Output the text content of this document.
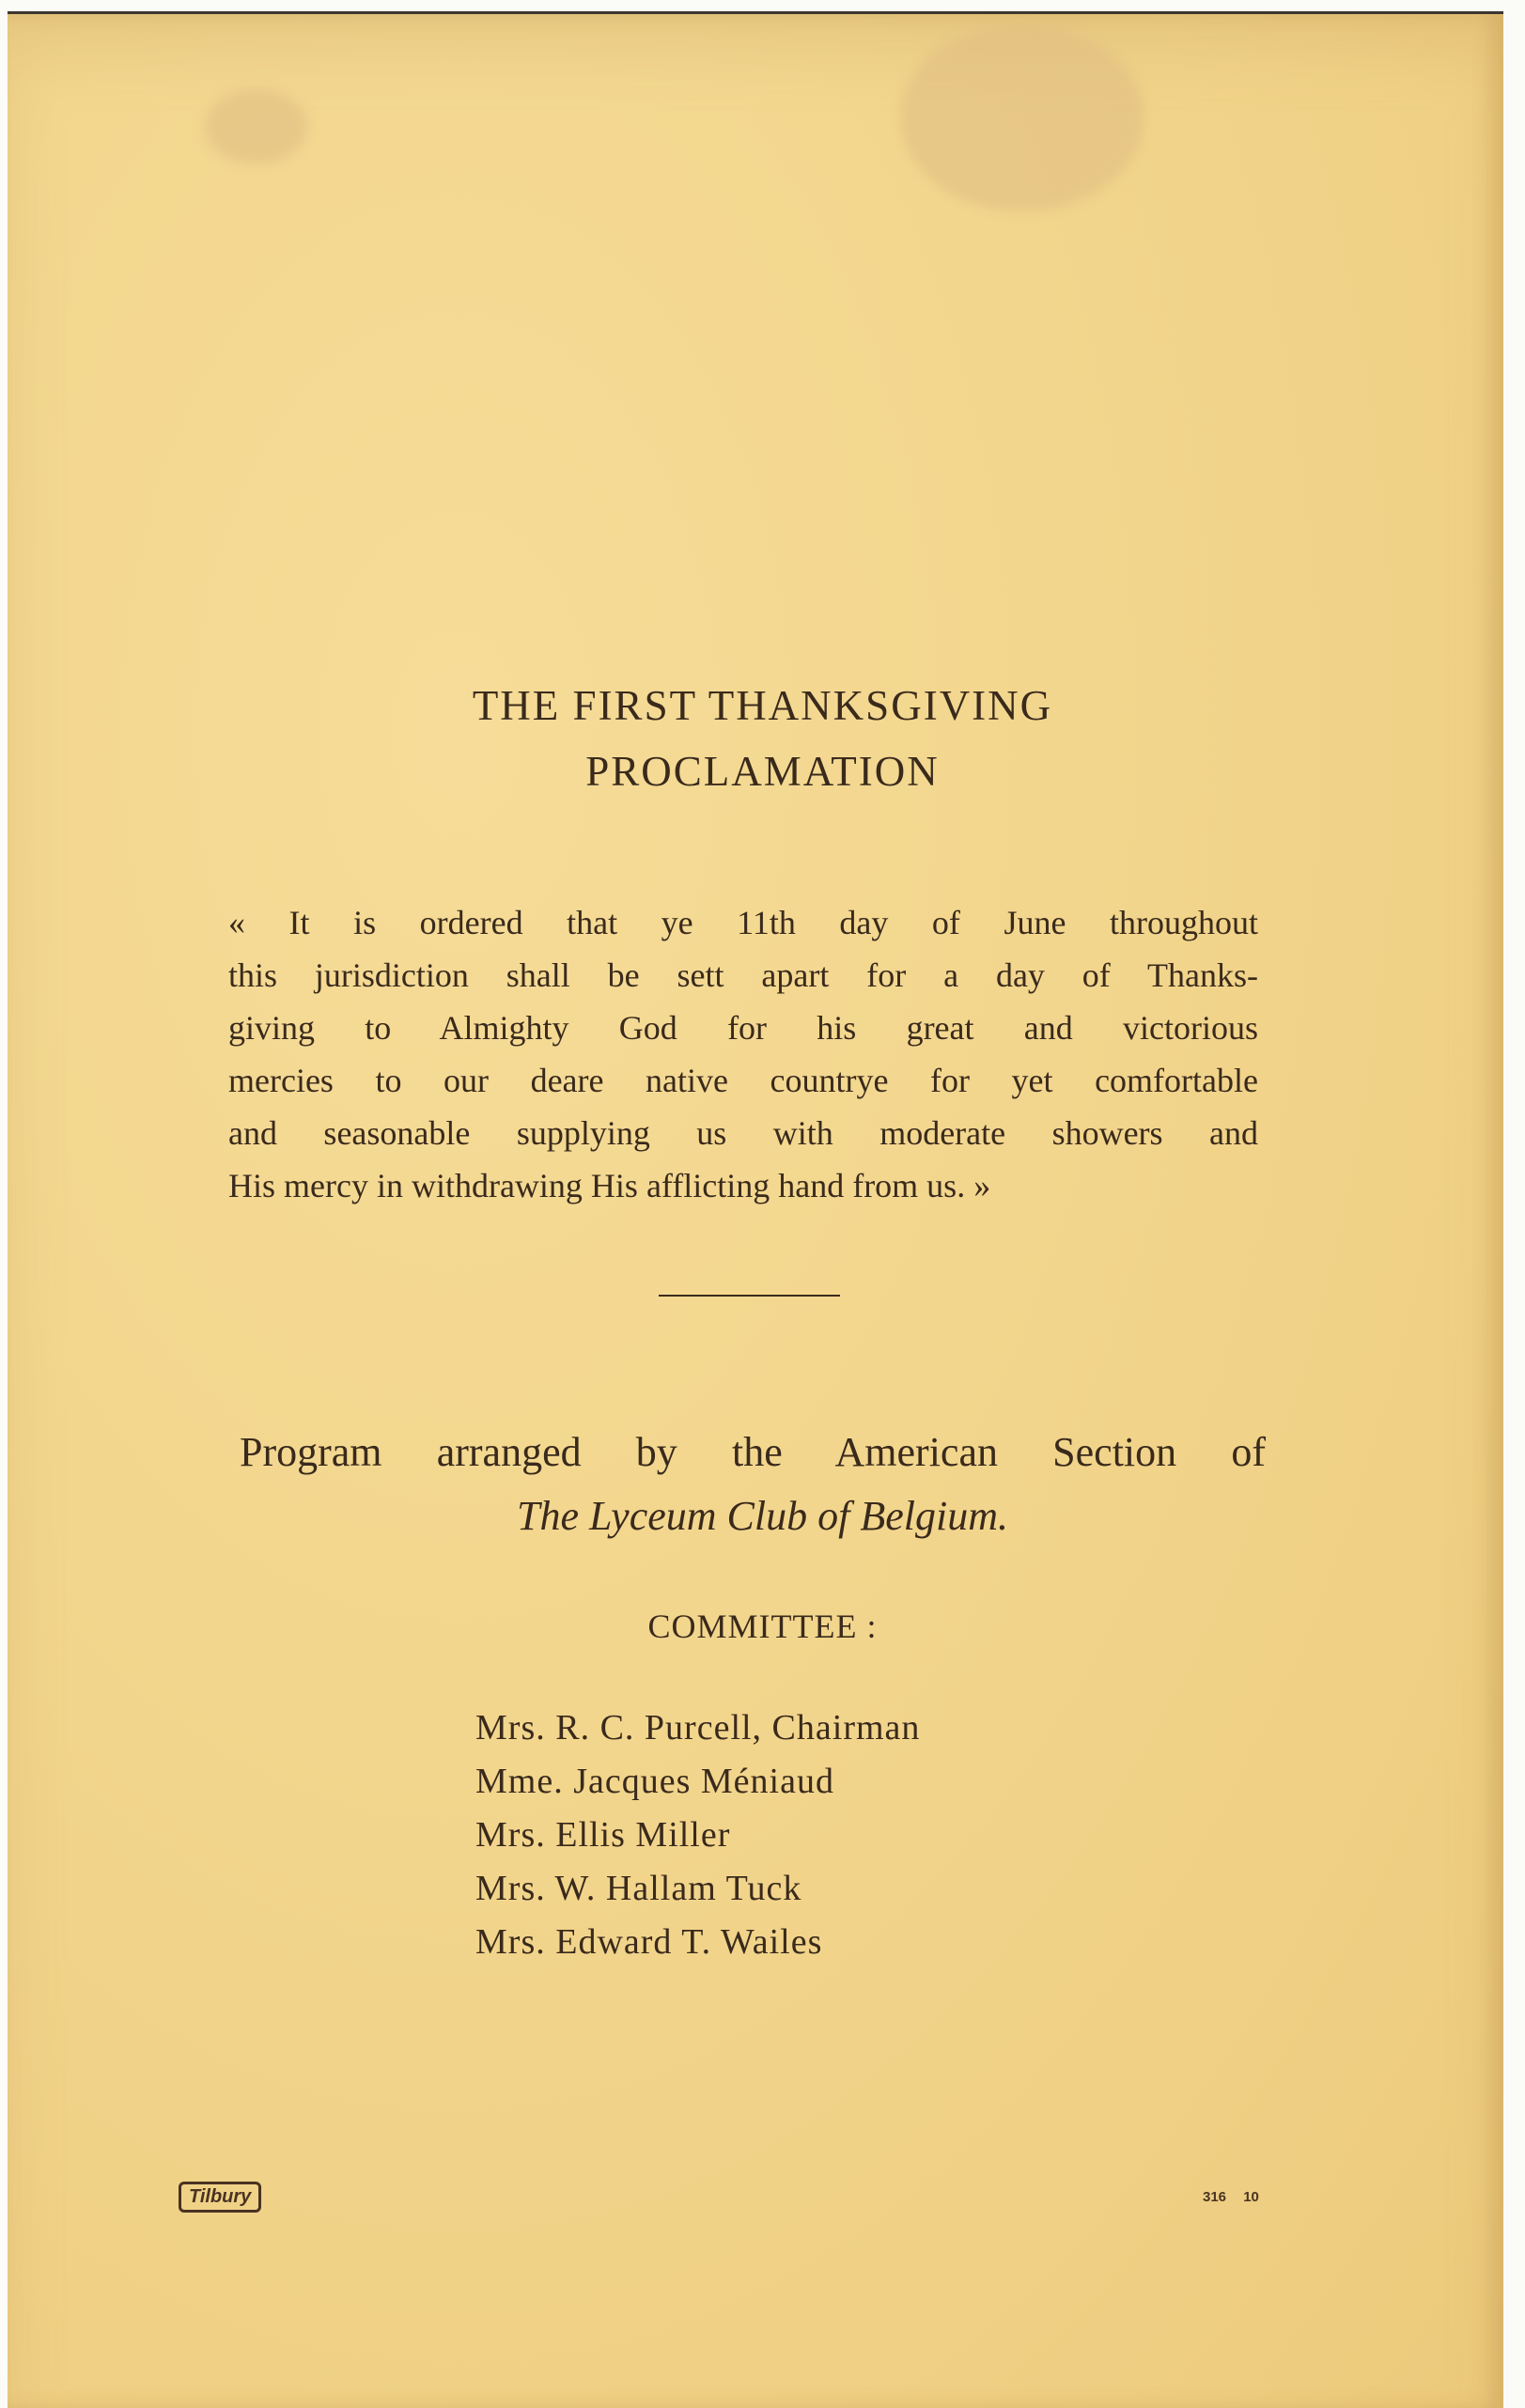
THE FIRST THANKSGIVING
PROCLAMATION
« It is ordered that ye 11th day of June throughout
this jurisdiction shall be sett apart for a day of Thanks-
giving to Almighty God for his great and victorious
mercies to our deare native countrye for yet comfortable
and seasonable supplying us with moderate showers and
His mercy in withdrawing His afflicting hand from us. »
Program arranged by the American Section of
The Lyceum Club of Belgium.
COMMITTEE :
Mrs. R. C. Purcell, Chairman
Mme. Jacques Méniaud
Mrs. Ellis Miller
Mrs. W. Hallam Tuck
Mrs. Edward T. Wailes
Tilbury	316 10
